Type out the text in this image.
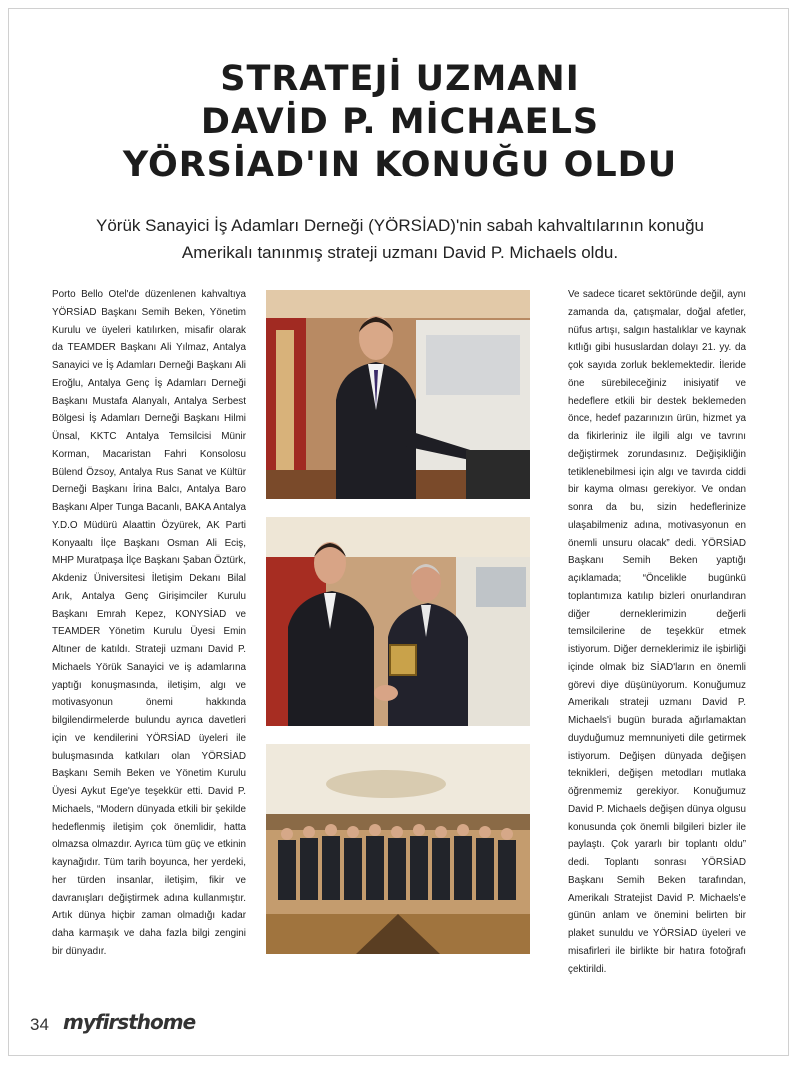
STRATEJİ UZMANI
DAVİD P. MİCHAELS
YÖRSİAD'IN KONUĞU OLDU
Yörük Sanayici İş Adamları Derneği (YÖRSİAD)'nin sabah kahvaltılarının konuğu
Amerikalı tanınmış strateji uzmanı David P. Michaels oldu.

Porto Bello Otel'de düzenlenen kahvaltıya YÖRSİAD Başkanı Semih Beken, Yönetim Kurulu ve üyeleri katılırken, misafir olarak da TEAMDER Başkanı Ali Yılmaz, Antalya Sanayici ve İş Adamları Derneği Başkanı Ali Eroğlu, Antalya Genç İş Adamları Derneği Başkanı Mustafa Alanyalı, Antalya Serbest Bölgesi İş Adamları Derneği Başkanı Hilmi Ünsal, KKTC Antalya Temsilcisi Münir Korman, Macaristan Fahri Konsolosu Bülend Özsoy, Antalya Rus Sanat ve Kültür Derneği Başkanı İrina Balcı, Antalya Baro Başkanı Alper Tunga Bacanlı, BAKA Antalya Y.D.O Müdürü Alaattin Özyürek, AK Parti Konyaaltı İlçe Başkanı Osman Ali Eciş, MHP Muratpaşa İlçe Başkanı Şaban Öztürk, Akdeniz Üniversitesi İletişim Dekanı Bilal Arık, Antalya Genç Girişimciler Kurulu Başkanı Emrah Kepez, KONYSİAD ve TEAMDER Yönetim Kurulu Üyesi Emin Altıner de katıldı. Strateji uzmanı David P. Michaels Yörük Sanayici ve iş adamlarına yaptığı konuşmasında, iletişim, algı ve motivasyonun önemi hakkında bilgilendirmelerde bulundu ayrıca davetleri için ve kendilerini YÖRSİAD üyeleri ile buluşmasında katkıları olan YÖRSİAD Başkanı Semih Beken ve Yönetim Kurulu Üyesi Aykut Ege'ye teşekkür etti. David P. Michaels, “Modern dünyada etkili bir şekilde hedeflenmiş iletişim çok önemlidir, hatta olmazsa olmazdır. Ayrıca tüm güç ve etkinin kaynağıdır. Tüm tarih boyunca, her yerdeki, her türden insanlar, iletişim, fikir ve davranışları değiştirmek adına kullanmıştır. Artık dünya hiçbir zaman olmadığı kadar daha karmaşık ve daha fazla bilgi zengini bir dünyadır.

Ve sadece ticaret sektöründe değil, aynı zamanda da, çatışmalar, doğal afetler, nüfus artışı, salgın hastalıklar ve kaynak kıtlığı gibi hususlardan dolayı 21. yy. da çok sayıda zorluk beklemektedir. İleride öne sürebileceğiniz inisiyatif ve hedeflere etkili bir destek beklemeden önce, hedef pazarınızın ürün, hizmet ya da fikirleriniz ile ilgili algı ve tavrını değiştirmek zorundasınız. Değişikliğin tetiklenebilmesi için algı ve tavırda ciddi bir kayma olması gerekiyor. Ve ondan sonra da bu, sizin hedeflerinize ulaşabilmeniz adına, motivasyonun en önemli unsuru olacak” dedi. YÖRSİAD Başkanı Semih Beken yaptığı açıklamada; “Öncelikle bugünkü toplantımıza katılıp bizleri onurlandıran diğer derneklerimizin değerli temsilcilerine de teşekkür etmek istiyorum. Diğer derneklerimiz ile işbirliği içinde olmak biz SİAD'ların en önemli görevi diye düşünüyorum. Konuğumuz Amerikalı strateji uzmanı David P. Michaels'i bugün burada ağırlamaktan duyduğumuz memnuniyeti dile getirmek istiyorum. Değişen dünyada değişen teknikleri, değişen metodları mutlaka öğrenmemiz gerekiyor. Konuğumuz David P. Michaels değişen dünya olgusu konusunda çok önemli bilgileri bizler ile paylaştı. Çok yararlı bir toplantı oldu” dedi. Toplantı sonrası YÖRSİAD Başkanı Semih Beken tarafından, Amerikalı Stratejist David P. Michaels'e günün anlam ve önemini belirten bir plaket sunuldu ve YÖRSİAD üyeleri ve misafirleri ile birlikte bir hatıra fotoğrafı çektirildi.

34 myfirsthome
